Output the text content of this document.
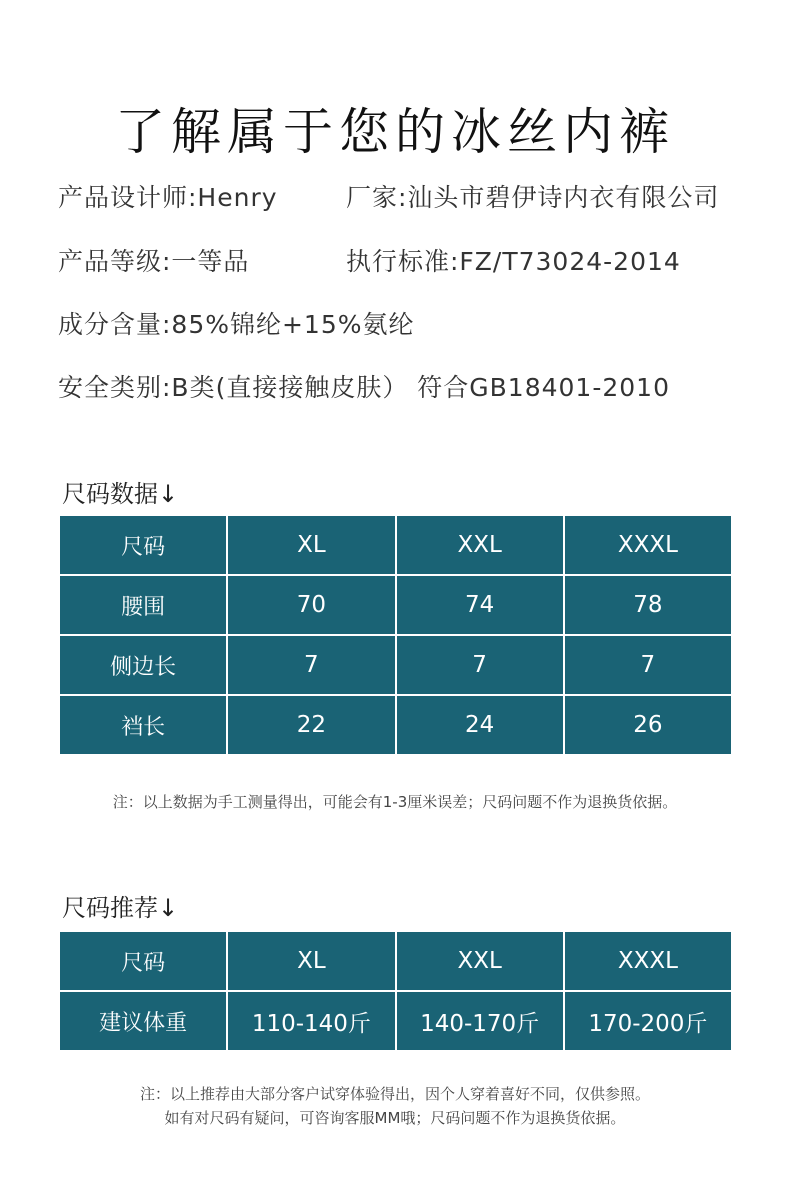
了解属于您的冰丝内裤
产品设计师:Henry	厂家:汕头市碧伊诗内衣有限公司
产品等级:一等品	执行标准:FZ/T73024-2014
成分含量:85%锦纶+15%氨纶
安全类别:B类(直接接触皮肤） 符合GB18401-2010
尺码数据↓
尺码	XL	XXL	XXXL
腰围	70	74	78
侧边长	7	7	7
裆长	22	24	26
注：以上数据为手工测量得出，可能会有1-3厘米误差；尺码问题不作为退换货依据。
尺码推荐↓
尺码	XL	XXL	XXXL
建议体重	110-140斤	140-170斤	170-200斤
注：以上推荐由大部分客户试穿体验得出，因个人穿着喜好不同，仅供参照。
如有对尺码有疑问，可咨询客服MM哦；尺码问题不作为退换货依据。
